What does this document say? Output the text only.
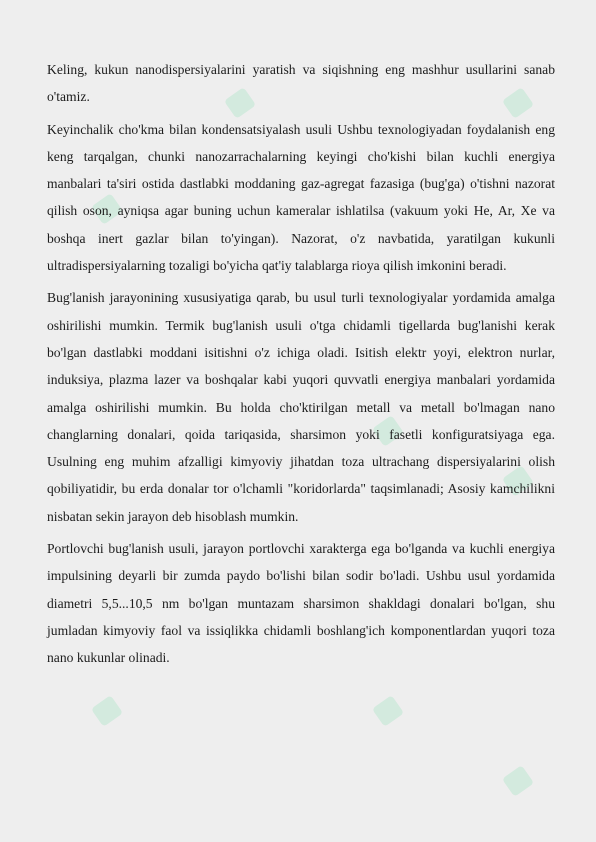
Keling, kukun nanodispersiyalarini yaratish va siqishning eng mashhur usullarini sanab o'tamiz.

Keyinchalik cho'kma bilan kondensatsiyalash usuli Ushbu texnologiyadan foydalanish eng keng tarqalgan, chunki nanozarrachalarning keyingi cho'kishi bilan kuchli energiya manbalari ta'siri ostida dastlabki moddaning gaz-agregat fazasiga (bug'ga) o'tishni nazorat qilish oson, ayniqsa agar buning uchun kameralar ishlatilsa (vakuum yoki He, Ar, Xe va boshqa inert gazlar bilan to'yingan). Nazorat, o'z navbatida, yaratilgan kukunli ultradispersiyalarning tozaligi bo'yicha qat'iy talablarga rioya qilish imkonini beradi.

Bug'lanish jarayonining xususiyatiga qarab, bu usul turli texnologiyalar yordamida amalga oshirilishi mumkin. Termik bug'lanish usuli o'tga chidamli tigellarda bug'lanishi kerak bo'lgan dastlabki moddani isitishni o'z ichiga oladi. Isitish elektr yoyi, elektron nurlar, induksiya, plazma lazer va boshqalar kabi yuqori quvvatli energiya manbalari yordamida amalga oshirilishi mumkin. Bu holda cho'ktirilgan metall va metall bo'lmagan nano changlarning donalari, qoida tariqasida, sharsimon yoki fasetli konfiguratsiyaga ega. Usulning eng muhim afzalligi kimyoviy jihatdan toza ultrachang dispersiyalarini olish qobiliyatidir, bu erda donalar tor o'lchamli "koridorlarda" taqsimlanadi; Asosiy kamchilikni nisbatan sekin jarayon deb hisoblash mumkin.

Portlovchi bug'lanish usuli, jarayon portlovchi xarakterga ega bo'lganda va kuchli energiya impulsining deyarli bir zumda paydo bo'lishi bilan sodir bo'ladi. Ushbu usul yordamida diametri 5,5...10,5 nm bo'lgan muntazam sharsimon shakldagi donalari bo'lgan, shu jumladan kimyoviy faol va issiqlikka chidamli boshlang'ich komponentlardan yuqori toza nano kukunlar olinadi.
